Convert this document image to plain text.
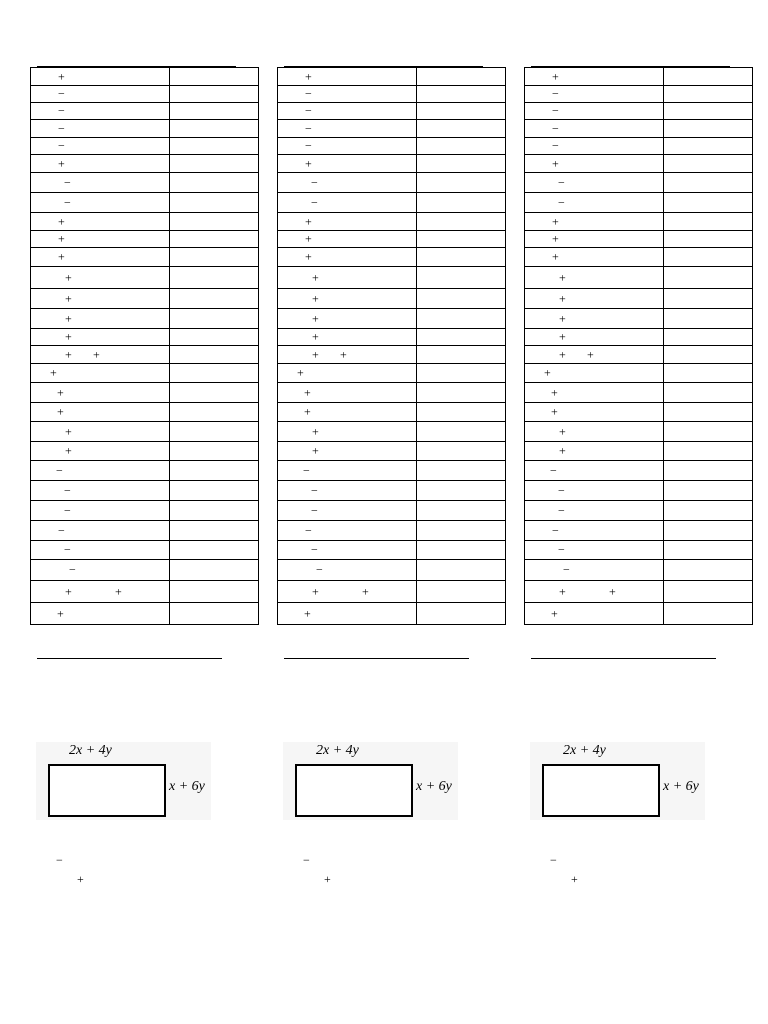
+	

−	

−	

−	

−	

+	

−	

−	

+	

+	

+	

+	

+	

+	

+	

+ +	

+	

+	

+	

+	

+	

−	

−	

−	

−	

−	

−	

+ +	

+	

+	

−	

−	

−	

−	

+	

−	

−	

+	

+	

+	

+	

+	

+	

+	

+ +	

+	

+	

+	

+	

+	

−	

−	

−	

−	

−	

−	

+ +	

+	

+	

−	

−	

−	

−	

+	

−	

−	

+	

+	

+	

+	

+	

+	

+	

+ +	

+	

+	

+	

+	

+	

−	

−	

−	

−	

−	

−	

+ +	

+	

2x + 4y
x + 6y
2x + 4y
x + 6y
2x + 4y
x + 6y
−
+
−
+
−
+
